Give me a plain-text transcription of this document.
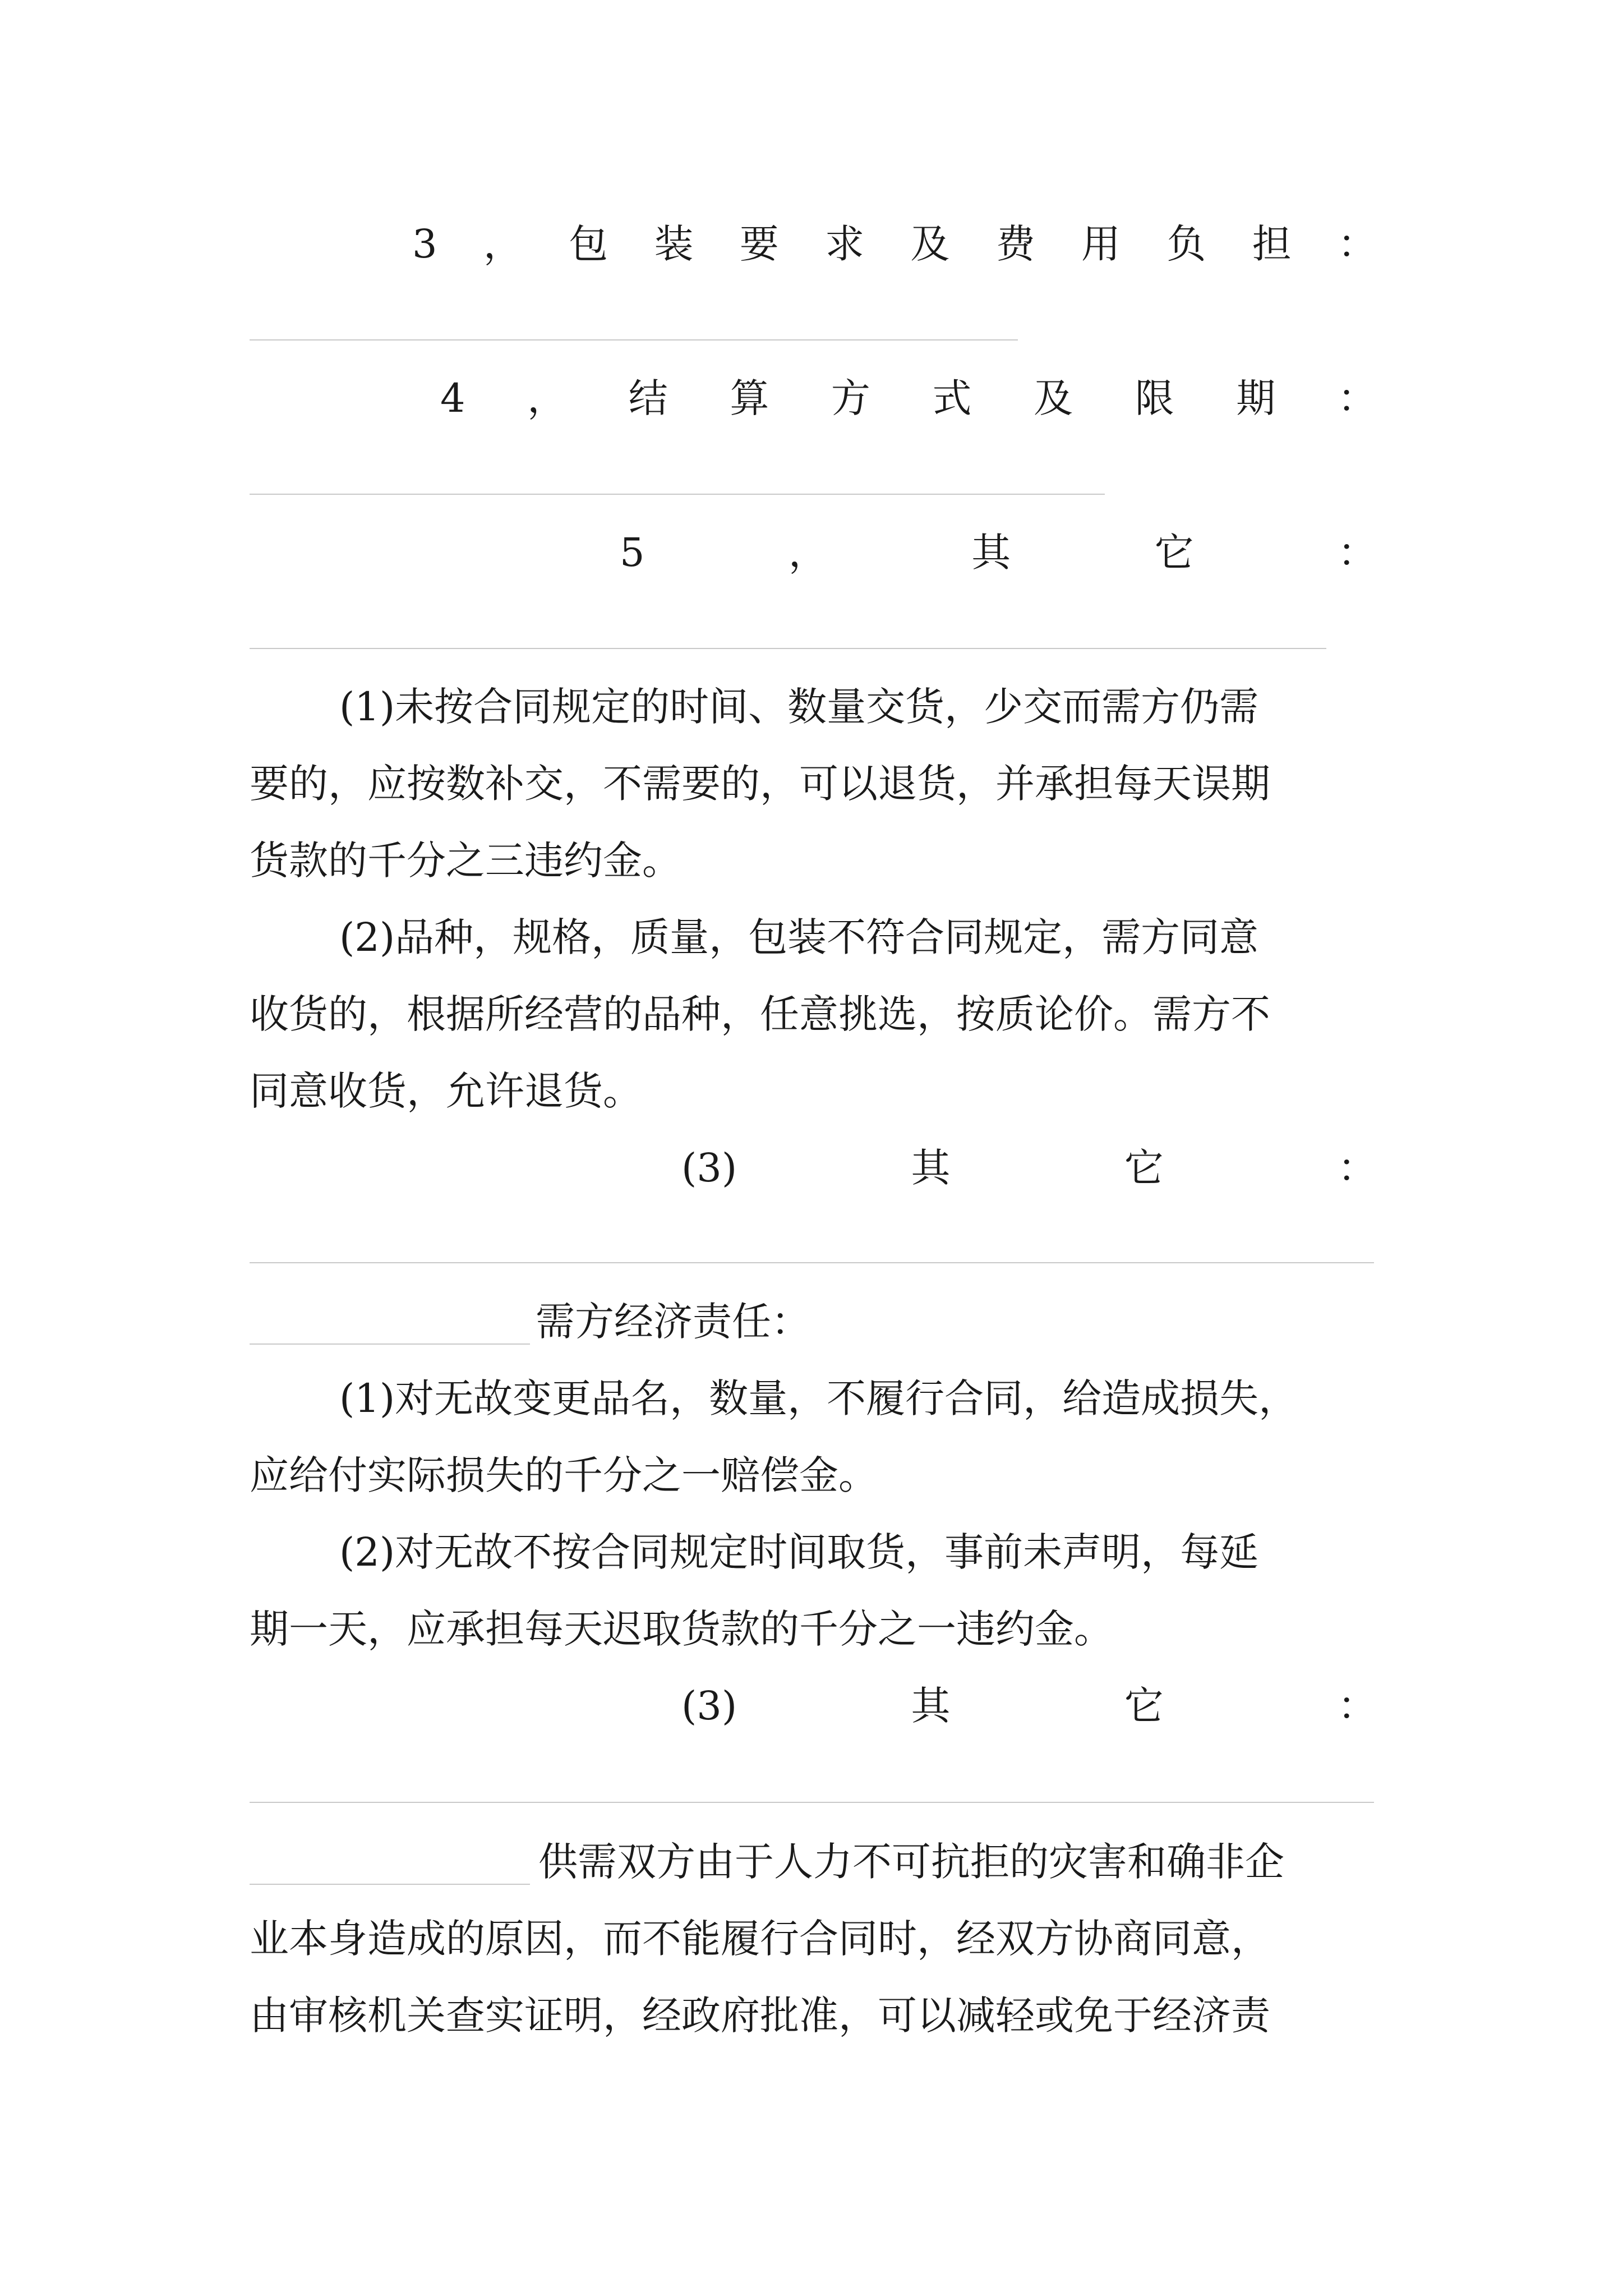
3 ， 包 装 要 求 及 费 用 负 担 ：
4 ， 结 算 方 式 及 限 期 ：
5	，	其	它	：
(1)未按合同规定的时间、数量交货，少交而需方仍需
要的，应按数补交，不需要的，可以退货，并承担每天误期
货款的千分之三违约金。
(2)品种，规格，质量，包装不符合同规定，需方同意
收货的，根据所经营的品种，任意挑选，按质论价。需方不
同意收货，允许退货。
(3)	其	它	：
需方经济责任：
(1)对无故变更品名，数量，不履行合同，给造成损失，
应给付实际损失的千分之一赔偿金。
(2)对无故不按合同规定时间取货，事前未声明，每延
期一天，应承担每天迟取货款的千分之一违约金。
(3)	其	它	：
供需双方由于人力不可抗拒的灾害和确非企
业本身造成的原因，而不能履行合同时，经双方协商同意，
由审核机关查实证明，经政府批准，可以减轻或免于经济责
